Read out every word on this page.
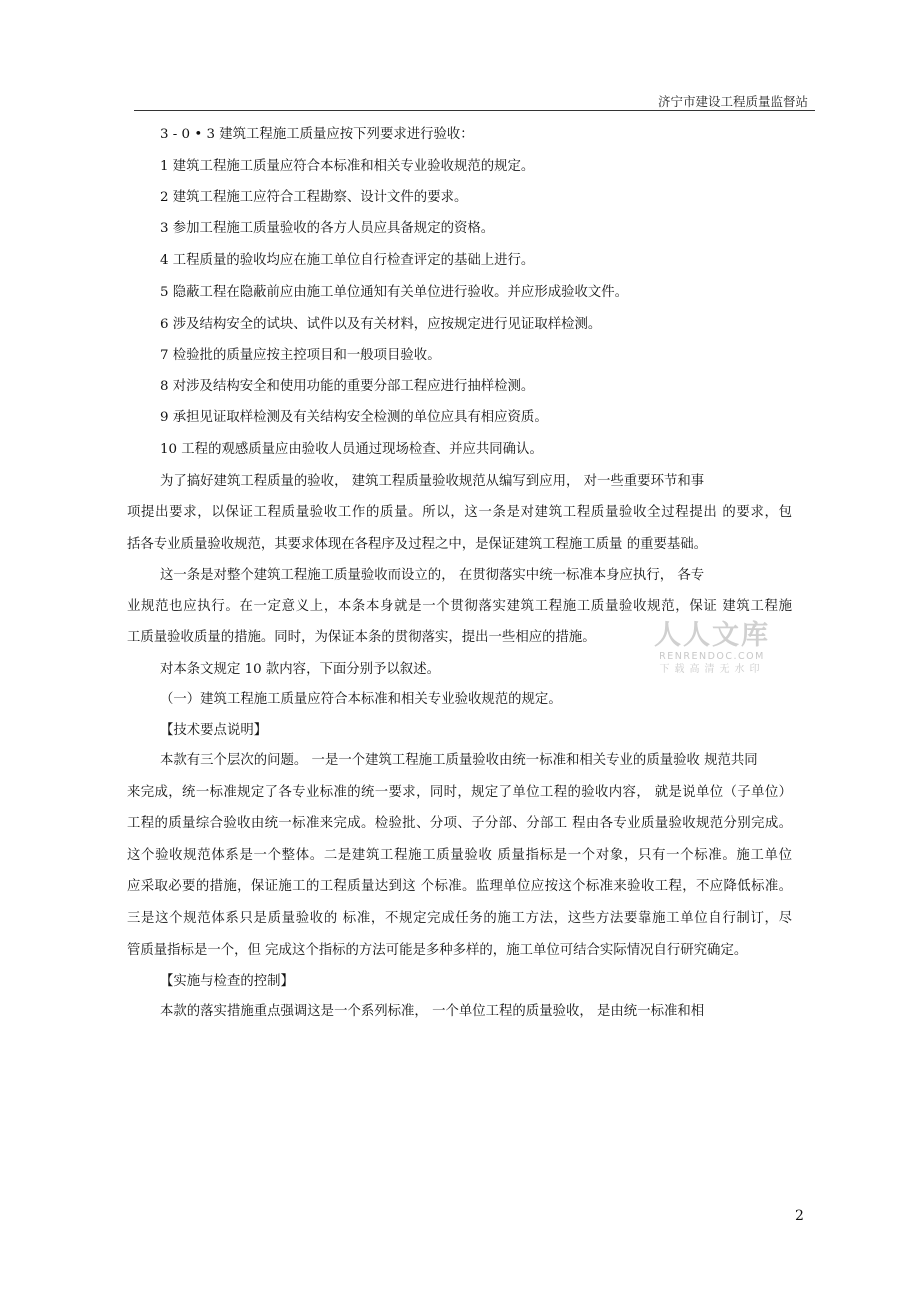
济宁市建设工程质量监督站
3 - 0 • 3 建筑工程施工质量应按下列要求进行验收：
1 建筑工程施工质量应符合本标准和相关专业验收规范的规定。
2 建筑工程施工应符合工程勘察、设计文件的要求。
3 参加工程施工质量验收的各方人员应具备规定的资格。
4 工程质量的验收均应在施工单位自行检查评定的基础上进行。
5 隐蔽工程在隐蔽前应由施工单位通知有关单位进行验收。并应形成验收文件。
6 涉及结构安全的试块、试件以及有关材料，应按规定进行见证取样检测。
7 检验批的质量应按主控项目和一般项目验收。
8 对涉及结构安全和使用功能的重要分部工程应进行抽样检测。
9 承担见证取样检测及有关结构安全检测的单位应具有相应资质。
10 工程的观感质量应由验收人员通过现场检查、并应共同确认。
为了搞好建筑工程质量的验收， 建筑工程质量验收规范从编写到应用， 对一些重要环节和事
项提出要求，以保证工程质量验收工作的质量。所以，这一条是对建筑工程质量验收全过程提出 的要求，包
括各专业质量验收规范，其要求体现在各程序及过程之中，是保证建筑工程施工质量 的重要基础。
这一条是对整个建筑工程施工质量验收而设立的， 在贯彻落实中统一标准本身应执行， 各专
业规范也应执行。在一定意义上，本条本身就是一个贯彻落实建筑工程施工质量验收规范，保证 建筑工程施
工质量验收质量的措施。同时，为保证本条的贯彻落实，提出一些相应的措施。
对本条文规定 10 款内容，下面分别予以叙述。
（一）建筑工程施工质量应符合本标准和相关专业验收规范的规定。
【技术要点说明】
本款有三个层次的问题。 一是一个建筑工程施工质量验收由统一标准和相关专业的质量验收 规范共同
来完成，统一标准规定了各专业标准的统一要求，同时，规定了单位工程的验收内容， 就是说单位（子单位）
工程的质量综合验收由统一标准来完成。检验批、分项、子分部、分部工 程由各专业质量验收规范分别完成。
这个验收规范体系是一个整体。二是建筑工程施工质量验收 质量指标是一个对象，只有一个标准。施工单位
应采取必要的措施，保证施工的工程质量达到这 个标准。监理单位应按这个标准来验收工程，不应降低标准。
三是这个规范体系只是质量验收的 标准，不规定完成任务的施工方法，这些方法要靠施工单位自行制订，尽
管质量指标是一个，但 完成这个指标的方法可能是多种多样的，施工单位可结合实际情况自行研究确定。
【实施与检查的控制】
本款的落实措施重点强调这是一个系列标准， 一个单位工程的质量验收， 是由统一标准和相
人人文库
RENRENDOC.COM
下载高清无水印
2
